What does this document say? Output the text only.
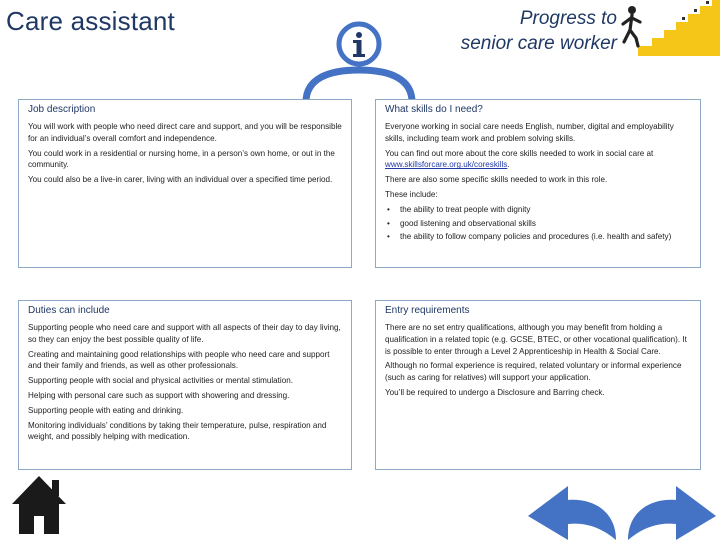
Care assistant	Progress to
senior care worker
Job description

You will work with people who need direct care and support, and you will be responsible for an individual’s overall comfort and independence.

You could work in a residential or nursing home, in a person’s own home, or out in the community.

You could also be a live-in carer, living with an individual over a specified time period.

What skills do I need?

Everyone working in social care needs English, number, digital and employability skills, including team work and problem solving skills.

You can find out more about the core skills needed to work in social care at www.skillsforcare.org.uk/coreskills.

There are also some specific skills needed to work in this role.

These include:

• the ability to treat people with dignity
• good listening and observational skills
• the ability to follow company policies and procedures (i.e. health and safety)
Duties can include

Supporting people who need care and support with all aspects of their day to day living, so they can enjoy the best possible quality of life.

Creating and maintaining good relationships with people who need care and support and their family and friends, as well as other professionals.

Supporting people with social and physical activities or mental stimulation.

Helping with personal care such as support with showering and dressing.

Supporting people with eating and drinking.

Monitoring individuals’ conditions by taking their temperature, pulse, respiration and weight, and possibly helping with medication.

Entry requirements

There are no set entry qualifications, although you may benefit from holding a qualification in a related topic (e.g. GCSE, BTEC, or other vocational qualification). It is possible to enter through a Level 2 Apprenticeship in Health & Social Care.

Although no formal experience is required, related voluntary or informal experience (such as caring for relatives) will support your application.

You’ll be required to undergo a Disclosure and Barring check.
